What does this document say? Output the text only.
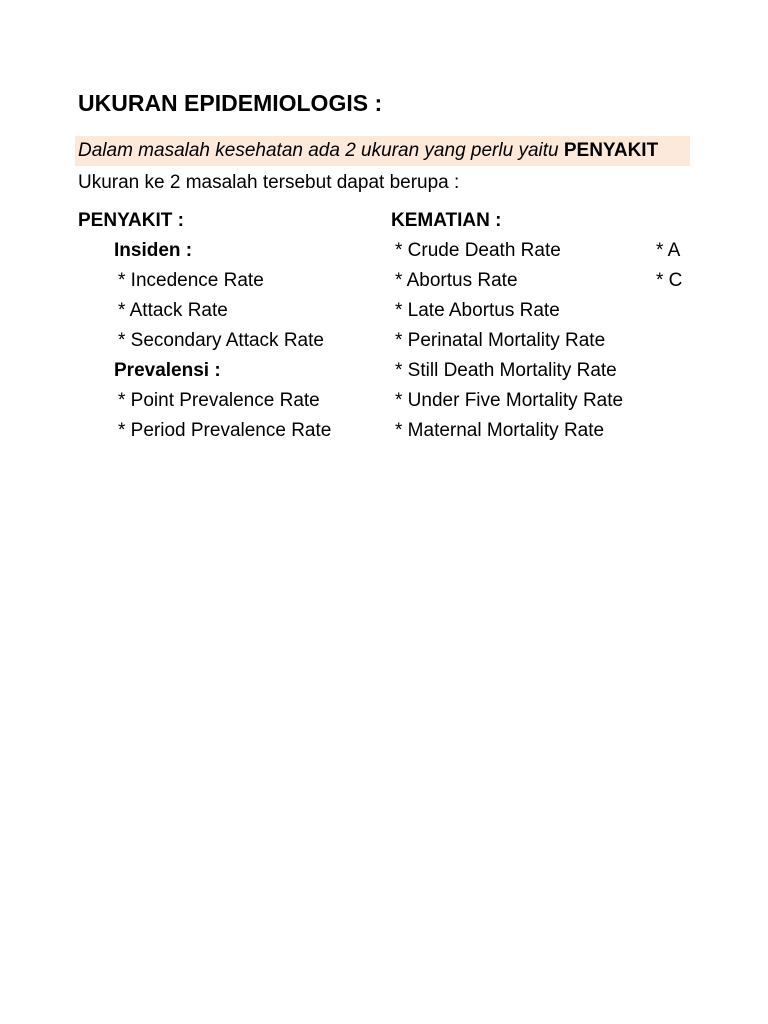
UKURAN EPIDEMIOLOGIS :
Dalam masalah kesehatan ada 2 ukuran yang perlu yaitu PENYAKIT
Ukuran ke 2 masalah tersebut dapat berupa :
PENYAKIT :
Insiden :
* Incedence Rate
* Attack Rate
* Secondary Attack Rate
Prevalensi :
* Point Prevalence Rate
* Period Prevalence Rate
KEMATIAN :
* Crude Death Rate
* Abortus Rate
* Late Abortus Rate
* Perinatal Mortality Rate
* Still Death Mortality Rate
* Under Five Mortality Rate
* Maternal Mortality Rate
* A
* C
